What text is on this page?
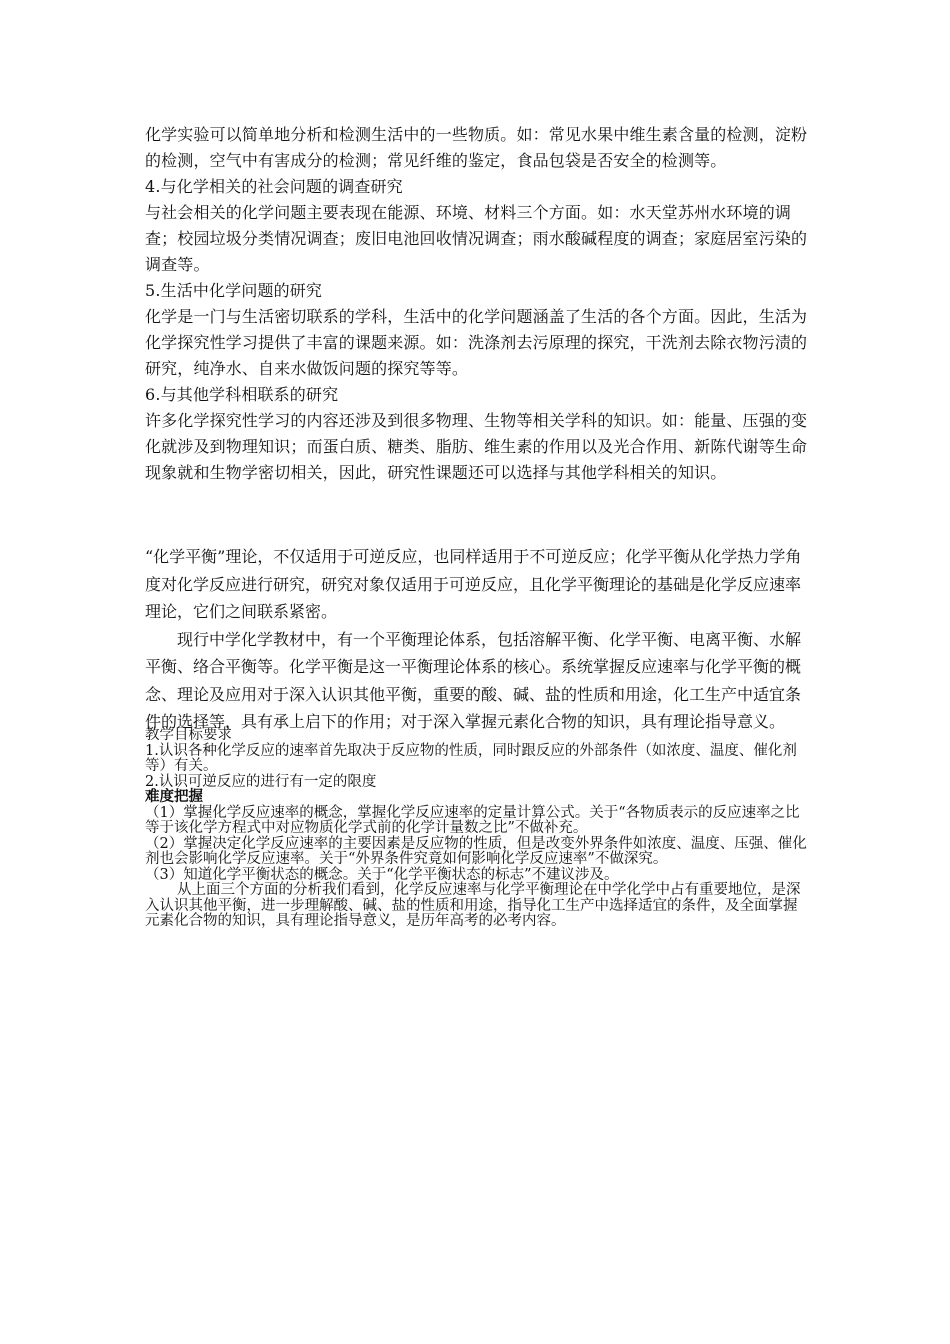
化学实验可以简单地分析和检测生活中的一些物质。如：常见水果中维生素含量的检测，淀粉的检测，空气中有害成分的检测；常见纤维的鉴定，食品包袋是否安全的检测等。

4.与化学相关的社会问题的调查研究

与社会相关的化学问题主要表现在能源、环境、材料三个方面。如：水天堂苏州水环境的调查；校园垃圾分类情况调查；废旧电池回收情况调查；雨水酸碱程度的调查；家庭居室污染的调查等。

5.生活中化学问题的研究

化学是一门与生活密切联系的学科，生活中的化学问题涵盖了生活的各个方面。因此，生活为化学探究性学习提供了丰富的课题来源。如：洗涤剂去污原理的探究，干洗剂去除衣物污渍的研究，纯净水、自来水做饭问题的探究等等。

6.与其他学科相联系的研究

许多化学探究性学习的内容还涉及到很多物理、生物等相关学科的知识。如：能量、压强的变化就涉及到物理知识；而蛋白质、糖类、脂肪、维生素的作用以及光合作用、新陈代谢等生命现象就和生物学密切相关，因此，研究性课题还可以选择与其他学科相关的知识。

“化学平衡”理论，不仅适用于可逆反应，也同样适用于不可逆反应；化学平衡从化学热力学角度对化学反应进行研究，研究对象仅适用于可逆反应，且化学平衡理论的基础是化学反应速率理论，它们之间联系紧密。

现行中学化学教材中，有一个平衡理论体系，包括溶解平衡、化学平衡、电离平衡、水解平衡、络合平衡等。化学平衡是这一平衡理论体系的核心。系统掌握反应速率与化学平衡的概念、理论及应用对于深入认识其他平衡，重要的酸、碱、盐的性质和用途，化工生产中适宜条件的选择等，具有承上启下的作用；对于深入掌握元素化合物的知识，具有理论指导意义。

教学目标要求

1.认识各种化学反应的速率首先取决于反应物的性质，同时跟反应的外部条件（如浓度、温度、催化剂等）有关。

2.认识可逆反应的进行有一定的限度

难度把握

（1）掌握化学反应速率的概念，掌握化学反应速率的定量计算公式。关于“各物质表示的反应速率之比等于该化学方程式中对应物质化学式前的化学计量数之比”不做补充。

（2）掌握决定化学反应速率的主要因素是反应物的性质，但是改变外界条件如浓度、温度、压强、催化剂也会影响化学反应速率。关于“外界条件究竟如何影响化学反应速率”不做深究。

（3）知道化学平衡状态的概念。关于“化学平衡状态的标志”不建议涉及。

从上面三个方面的分析我们看到，化学反应速率与化学平衡理论在中学化学中占有重要地位，是深入认识其他平衡，进一步理解酸、碱、盐的性质和用途，指导化工生产中选择适宜的条件，及全面掌握元素化合物的知识，具有理论指导意义，是历年高考的必考内容。
